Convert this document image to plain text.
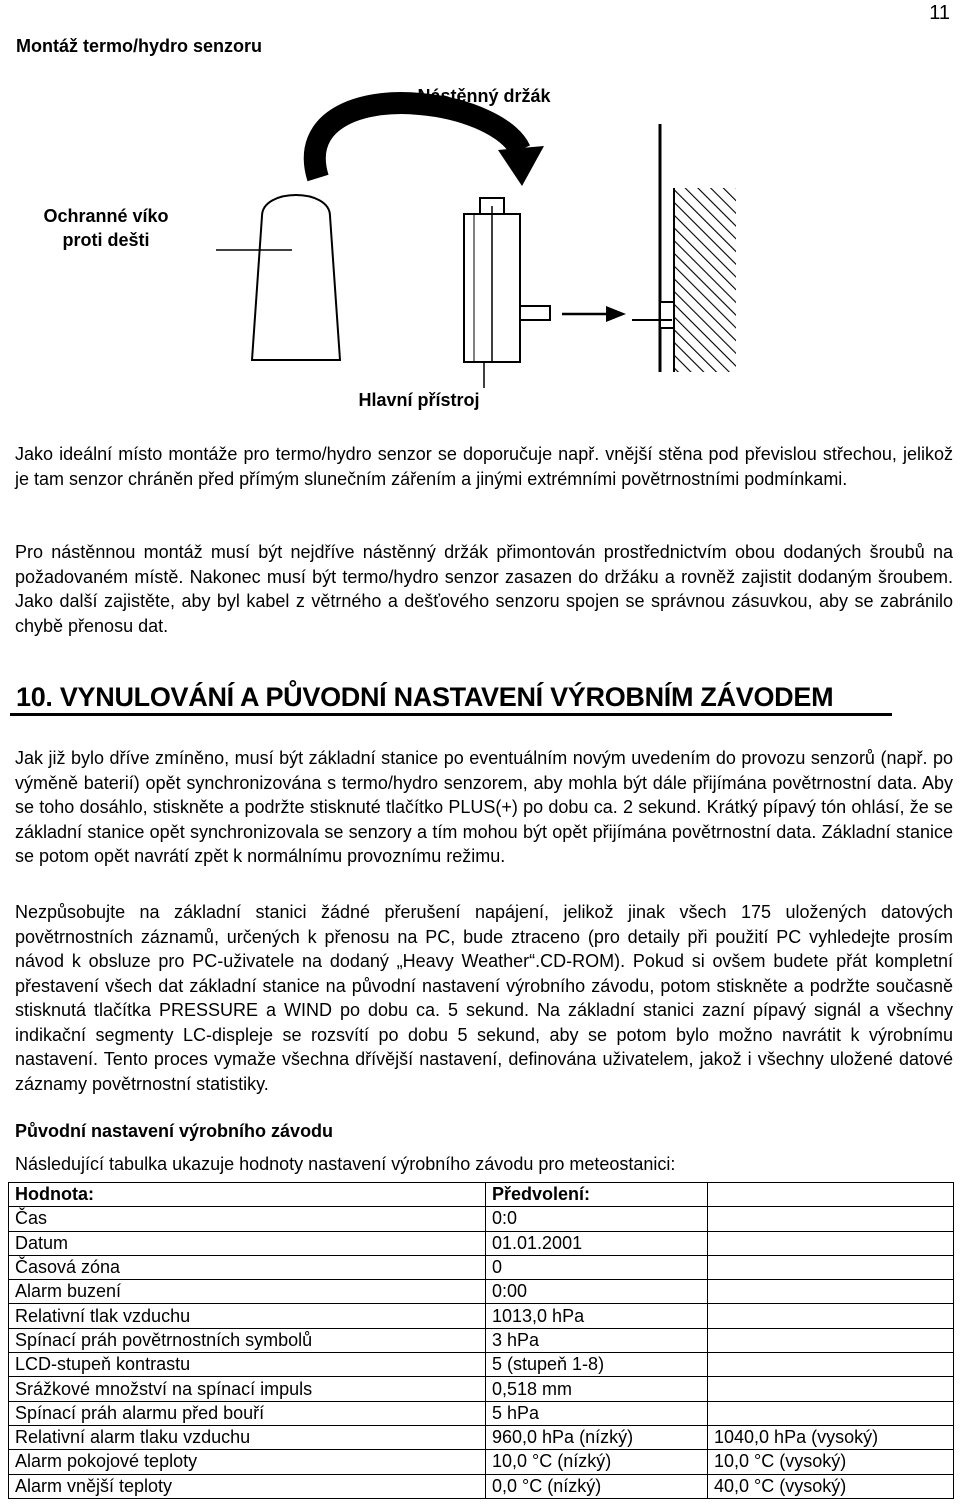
11
Montáž termo/hydro senzoru
Nástěnný držák
Ochranné víko
proti dešti
Hlavní přístroj

Jako ideální místo montáže pro termo/hydro senzor se doporučuje např. vnější stěna pod převislou střechou, jelikož je tam senzor chráněn před přímým slunečním zářením a jinými extrémními povětrnostními podmínkami.

Pro nástěnnou montáž musí být nejdříve nástěnný držák přimontován prostřednictvím obou dodaných šroubů na požadovaném místě. Nakonec musí být termo/hydro senzor zasazen do držáku a rovněž zajistit dodaným šroubem. Jako další zajistěte, aby byl kabel z větrného a dešťového senzoru spojen se správnou zásuvkou, aby se zabránilo chybě přenosu dat.

10. VYNULOVÁNÍ A PŮVODNÍ NASTAVENÍ VÝROBNÍM ZÁVODEM

Jak již bylo dříve zmíněno, musí být základní stanice po eventuálním novým uvedením do provozu senzorů (např. po výměně baterií) opět synchronizována s termo/hydro senzorem, aby mohla být dále přijímána povětrnostní data. Aby se toho dosáhlo, stiskněte a podržte stisknuté tlačítko PLUS(+) po dobu ca. 2 sekund. Krátký pípavý tón ohlásí, že se základní stanice opět synchronizovala se senzory a tím mohou být opět přijímána povětrnostní data. Základní stanice se potom opět navrátí zpět k normálnímu provoznímu režimu.

Nezpůsobujte na základní stanici žádné přerušení napájení, jelikož jinak všech 175 uložených datových povětrnostních záznamů, určených k přenosu na PC, bude ztraceno (pro detaily při použití PC vyhledejte prosím návod k obsluze pro PC-uživatele na dodaný „Heavy Weather“.CD-ROM). Pokud si ovšem budete přát kompletní přestavení všech dat základní stanice na původní nastavení výrobního závodu, potom stiskněte a podržte současně stisknutá tlačítka PRESSURE a WIND po dobu ca. 5 sekund. Na základní stanici zazní pípavý signál a všechny indikační segmenty LC-displeje se rozsvítí po dobu 5 sekund, aby se potom bylo možno navrátit k výrobnímu nastavení. Tento proces vymaže všechna dřívější nastavení, definována uživatelem, jakož i všechny uložené datové záznamy povětrnostní statistiky.

Původní nastavení výrobního závodu
Následující tabulka ukazuje hodnoty nastavení výrobního závodu pro meteostanici:
Hodnota:	Předvolení:	
Čas	0:0	
Datum	01.01.2001	
Časová zóna	0	
Alarm buzení	0:00	
Relativní tlak vzduchu	1013,0 hPa	
Spínací práh povětrnostních symbolů	3 hPa	
LCD-stupeň kontrastu	5 (stupeň 1-8)	
Srážkové množství na spínací impuls	0,518 mm	
Spínací práh alarmu před bouří	5 hPa	
Relativní alarm tlaku vzduchu	960,0 hPa (nízký)	1040,0 hPa (vysoký)
Alarm pokojové teploty	10,0 °C (nízký)	10,0 °C (vysoký)
Alarm vnější teploty	0,0 °C (nízký)	40,0 °C (vysoký)
